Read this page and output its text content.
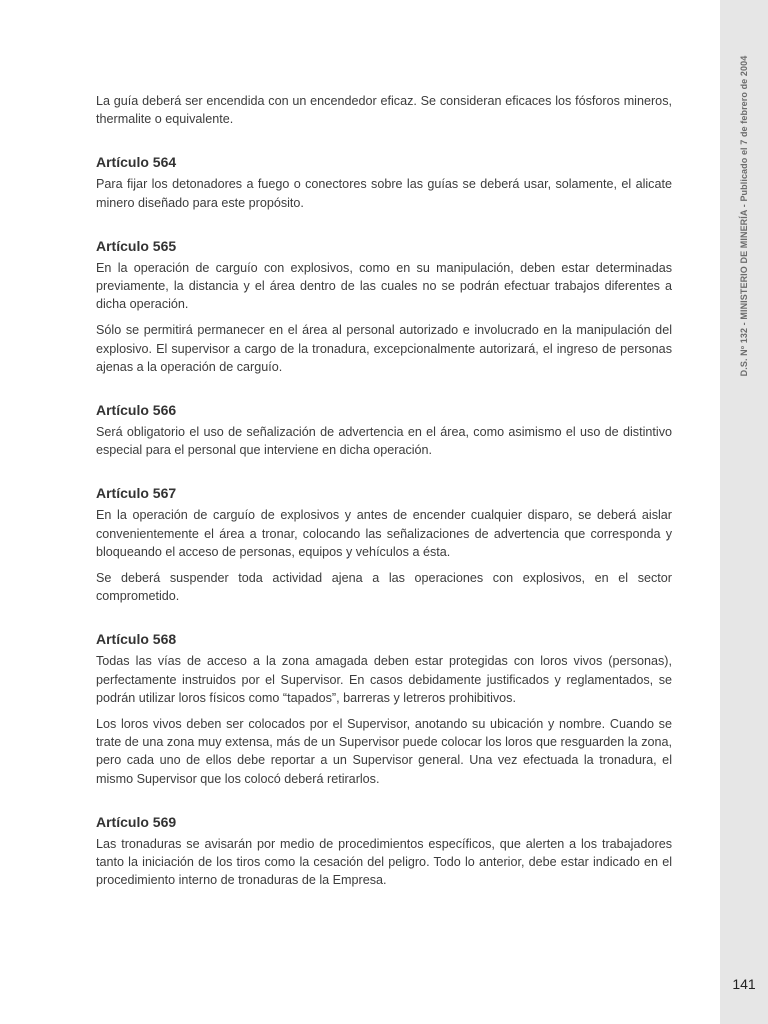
D.S. Nº 132 - MINISTERIO DE MINERÍA - Publicado el 7 de febrero de 2004
141

La guía deberá ser encendida con un encendedor eficaz. Se consideran eficaces los fósforos mineros, thermalite o equivalente.

Artículo 564

Para fijar los detonadores a fuego o conectores sobre las guías se deberá usar, solamente, el alicate minero diseñado para este propósito.

Artículo 565

En la operación de carguío con explosivos, como en su manipulación, deben estar determinadas previamente, la distancia y el área dentro de las cuales no se podrán efectuar trabajos diferentes a dicha operación.

Sólo se permitirá permanecer en el área al personal autorizado e involucrado en la manipulación del explosivo. El supervisor a cargo de la tronadura, excepcionalmente autorizará, el ingreso de personas ajenas a la operación de carguío.

Artículo 566

Será obligatorio el uso de señalización de advertencia en el área, como asimismo el uso de distintivo especial para el personal que interviene en dicha operación.

Artículo 567

En la operación de carguío de explosivos y antes de encender cualquier disparo, se deberá aislar convenientemente el área a tronar, colocando las señalizaciones de advertencia que corresponda y bloqueando el acceso de personas, equipos y vehículos a ésta.

Se deberá suspender toda actividad ajena a las operaciones con explosivos, en el sector comprometido.

Artículo 568

Todas las vías de acceso a la zona amagada deben estar protegidas con loros vivos (personas), perfectamente instruidos por el Supervisor. En casos debidamente justificados y reglamentados, se podrán utilizar loros físicos como “tapados”, barreras y letreros prohibitivos.

Los loros vivos deben ser colocados por el Supervisor, anotando su ubicación y nombre. Cuando se trate de una zona muy extensa, más de un Supervisor puede colocar los loros que resguarden la zona, pero cada uno de ellos debe reportar a un Supervisor general. Una vez efectuada la tronadura, el mismo Supervisor que los colocó deberá retirarlos.

Artículo 569

Las tronaduras se avisarán por medio de procedimientos específicos, que alerten a los trabajadores tanto la iniciación de los tiros como la cesación del peligro. Todo lo anterior, debe estar indicado en el procedimiento interno de tronaduras de la Empresa.
